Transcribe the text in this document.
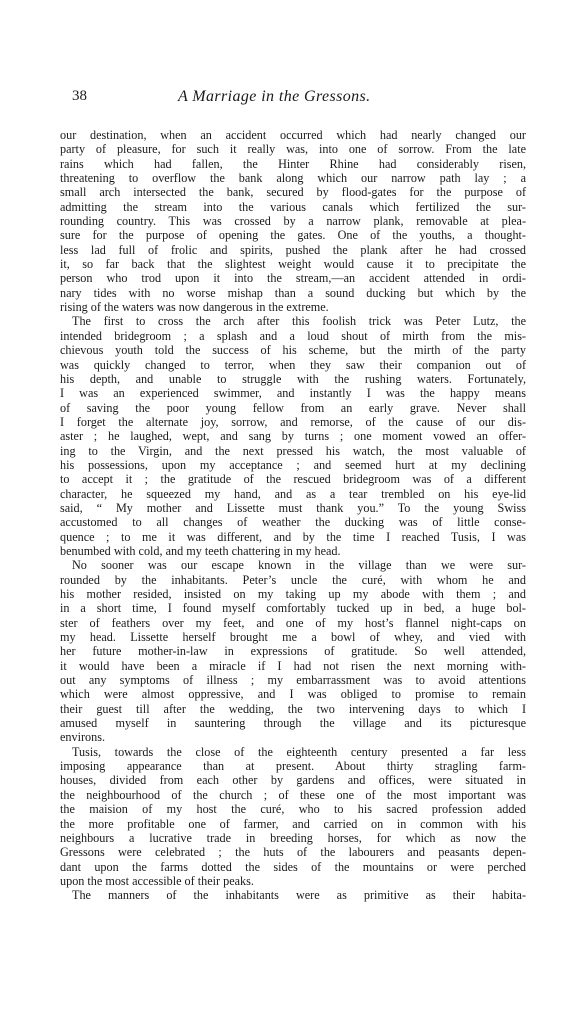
38	A Marriage in the Gressons.

our destination, when an accident occurred which had nearly changed our
party of pleasure, for such it really was, into one of sorrow. From the late
rains which had fallen, the Hinter Rhine had considerably risen,
threatening to overflow the bank along which our narrow path lay ; a
small arch intersected the bank, secured by flood-gates for the purpose of
admitting the stream into the various canals which fertilized the sur-
rounding country. This was crossed by a narrow plank, removable at plea-
sure for the purpose of opening the gates. One of the youths, a thought-
less lad full of frolic and spirits, pushed the plank after he had crossed
it, so far back that the slightest weight would cause it to precipitate the
person who trod upon it into the stream,—an accident attended in ordi-
nary tides with no worse mishap than a sound ducking but which by the
rising of the waters was now dangerous in the extreme.

The first to cross the arch after this foolish trick was Peter Lutz, the
intended bridegroom ; a splash and a loud shout of mirth from the mis-
chievous youth told the success of his scheme, but the mirth of the party
was quickly changed to terror, when they saw their companion out of
his depth, and unable to struggle with the rushing waters. Fortunately,
I was an experienced swimmer, and instantly I was the happy means
of saving the poor young fellow from an early grave. Never shall
I forget the alternate joy, sorrow, and remorse, of the cause of our dis-
aster ; he laughed, wept, and sang by turns ; one moment vowed an offer-
ing to the Virgin, and the next pressed his watch, the most valuable of
his possessions, upon my acceptance ; and seemed hurt at my declining
to accept it ; the gratitude of the rescued bridegroom was of a different
character, he squeezed my hand, and as a tear trembled on his eye-lid
said, “ My mother and Lissette must thank you.” To the young Swiss
accustomed to all changes of weather the ducking was of little conse-
quence ; to me it was different, and by the time I reached Tusis, I was
benumbed with cold, and my teeth chattering in my head.

No sooner was our escape known in the village than we were sur-
rounded by the inhabitants. Peter’s uncle the curé, with whom he and
his mother resided, insisted on my taking up my abode with them ; and
in a short time, I found myself comfortably tucked up in bed, a huge bol-
ster of feathers over my feet, and one of my host’s flannel night-caps on
my head. Lissette herself brought me a bowl of whey, and vied with
her future mother-in-law in expressions of gratitude. So well attended,
it would have been a miracle if I had not risen the next morning with-
out any symptoms of illness ; my embarrassment was to avoid attentions
which were almost oppressive, and I was obliged to promise to remain
their guest till after the wedding, the two intervening days to which I
amused myself in sauntering through the village and its picturesque
environs.

Tusis, towards the close of the eighteenth century presented a far less
imposing appearance than at present. About thirty stragling farm-
houses, divided from each other by gardens and offices, were situated in
the neighbourhood of the church ; of these one of the most important was
the maision of my host the curé, who to his sacred profession added
the more profitable one of farmer, and carried on in common with his
neighbours a lucrative trade in breeding horses, for which as now the
Gressons were celebrated ; the huts of the labourers and peasants depen-
dant upon the farms dotted the sides of the mountains or were perched
upon the most accessible of their peaks.

The manners of the inhabitants were as primitive as their habita-
